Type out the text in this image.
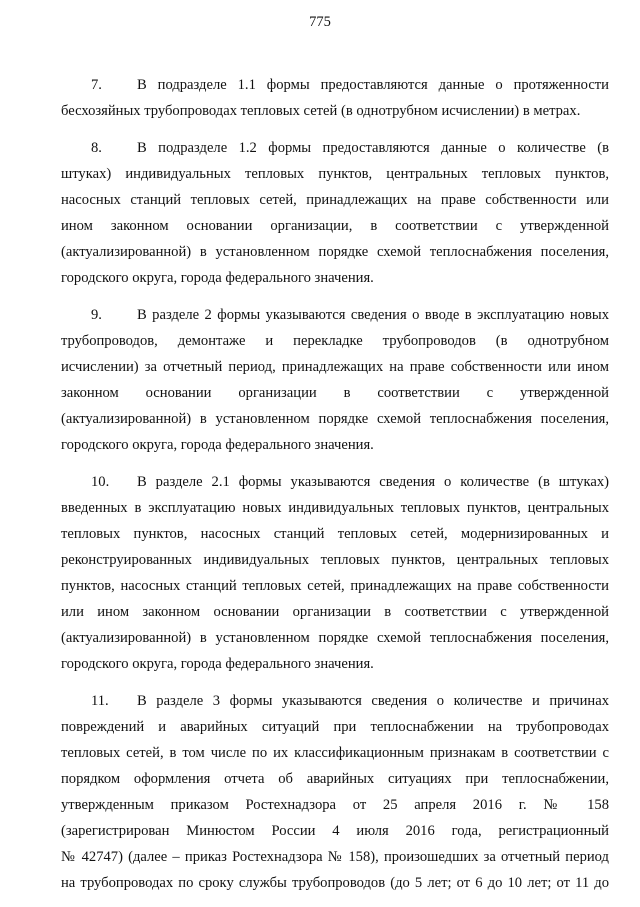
775
7. В подразделе 1.1 формы предоставляются данные о протяженности
бесхозяйных трубопроводах тепловых сетей (в однотрубном исчислении) в метрах.
8. В подразделе 1.2 формы предоставляются данные о количестве (в
штуках) индивидуальных тепловых пунктов, центральных тепловых пунктов,
насосных станций тепловых сетей, принадлежащих на праве собственности или
ином законном основании организации, в соответствии с утвержденной
(актуализированной) в установленном порядке схемой теплоснабжения поселения,
городского округа, города федерального значения.
9. В разделе 2 формы указываются сведения о вводе в эксплуатацию новых
трубопроводов, демонтаже и перекладке трубопроводов (в однотрубном
исчислении) за отчетный период, принадлежащих на праве собственности или ином
законном основании организации в соответствии с утвержденной
(актуализированной) в установленном порядке схемой теплоснабжения поселения,
городского округа, города федерального значения.
10. В разделе 2.1 формы указываются сведения о количестве (в штуках)
введенных в эксплуатацию новых индивидуальных тепловых пунктов, центральных
тепловых пунктов, насосных станций тепловых сетей, модернизированных и
реконструированных индивидуальных тепловых пунктов, центральных тепловых
пунктов, насосных станций тепловых сетей, принадлежащих на праве собственности
или ином законном основании организации в соответствии с утвержденной
(актуализированной) в установленном порядке схемой теплоснабжения поселения,
городского округа, города федерального значения.
11. В разделе 3 формы указываются сведения о количестве и причинах
повреждений и аварийных ситуаций при теплоснабжении на трубопроводах
тепловых сетей, в том числе по их классификационным признакам в соответствии с
порядком оформления отчета об аварийных ситуациях при теплоснабжении,
утвержденным приказом Ростехнадзора от 25 апреля 2016 г. № 158
(зарегистрирован Минюстом России 4 июля 2016 года, регистрационный
№ 42747) (далее – приказ Ростехнадзора № 158), произошедших за отчетный период
на трубопроводах по сроку службы трубопроводов (до 5 лет; от 6 до 10 лет; от 11 до
